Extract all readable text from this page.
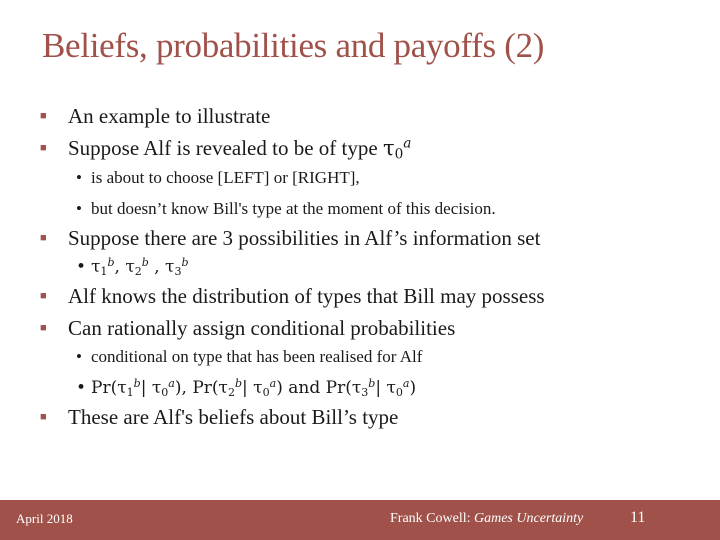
Beliefs, probabilities and payoffs (2)
■ An example to illustrate
■ Suppose Alf is revealed to be of type $\tau_0^a$
• is about to choose [LEFT] or [RIGHT],
• but doesn’t know Bill's type at the moment of this decision.
■ Suppose there are 3 possibilities in Alf’s information set
• $\tau_1^b$, $\tau_2^b$ , $\tau_3^b$
■ Alf knows the distribution of types that Bill may possess
■ Can rationally assign conditional probabilities
• conditional on type that has been realised for Alf
• $Pr(\tau_1^b|$ $\tau_0^a$), $Pr(\tau_2^b|$ $\tau_0^a$) and $Pr(\tau_3^b|$ $\tau_0^a$)
■ These are Alf's beliefs about Bill’s type
April 2018	Frank Cowell: Games Uncertainty	11
